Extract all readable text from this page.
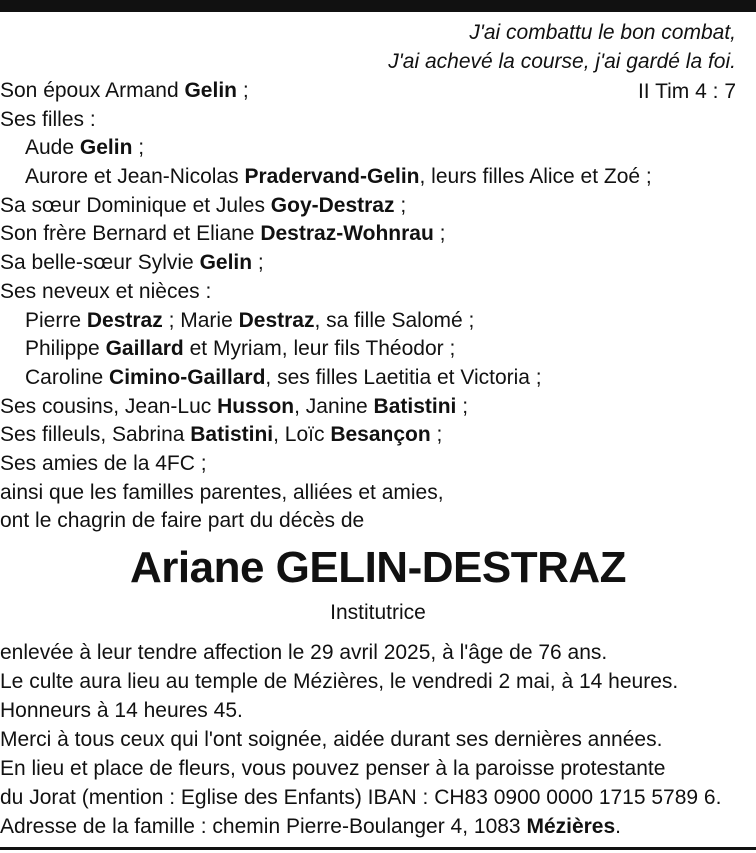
J'ai combattu le bon combat,
J'ai achevé la course, j'ai gardé la foi.
II Tim 4 : 7
Son époux Armand Gelin ;
Ses filles :
Aude Gelin ;
Aurore et Jean-Nicolas Pradervand-Gelin, leurs filles Alice et Zoé ;
Sa sœur Dominique et Jules Goy-Destraz ;
Son frère Bernard et Eliane Destraz-Wohnrau ;
Sa belle-sœur Sylvie Gelin ;
Ses neveux et nièces :
Pierre Destraz ; Marie Destraz, sa fille Salomé ;
Philippe Gaillard et Myriam, leur fils Théodor ;
Caroline Cimino-Gaillard, ses filles Laetitia et Victoria ;
Ses cousins, Jean-Luc Husson, Janine Batistini ;
Ses filleuls, Sabrina Batistini, Loïc Besançon ;
Ses amies de la 4FC ;
ainsi que les familles parentes, alliées et amies,
ont le chagrin de faire part du décès de
Ariane GELIN-DESTRAZ
Institutrice
enlevée à leur tendre affection le 29 avril 2025, à l'âge de 76 ans.
Le culte aura lieu au temple de Mézières, le vendredi 2 mai, à 14 heures.
Honneurs à 14 heures 45.
Merci à tous ceux qui l'ont soignée, aidée durant ses dernières années.
En lieu et place de fleurs, vous pouvez penser à la paroisse protestante
du Jorat (mention : Eglise des Enfants) IBAN : CH83 0900 0000 1715 5789 6.
Adresse de la famille : chemin Pierre-Boulanger 4, 1083 Mézières.
